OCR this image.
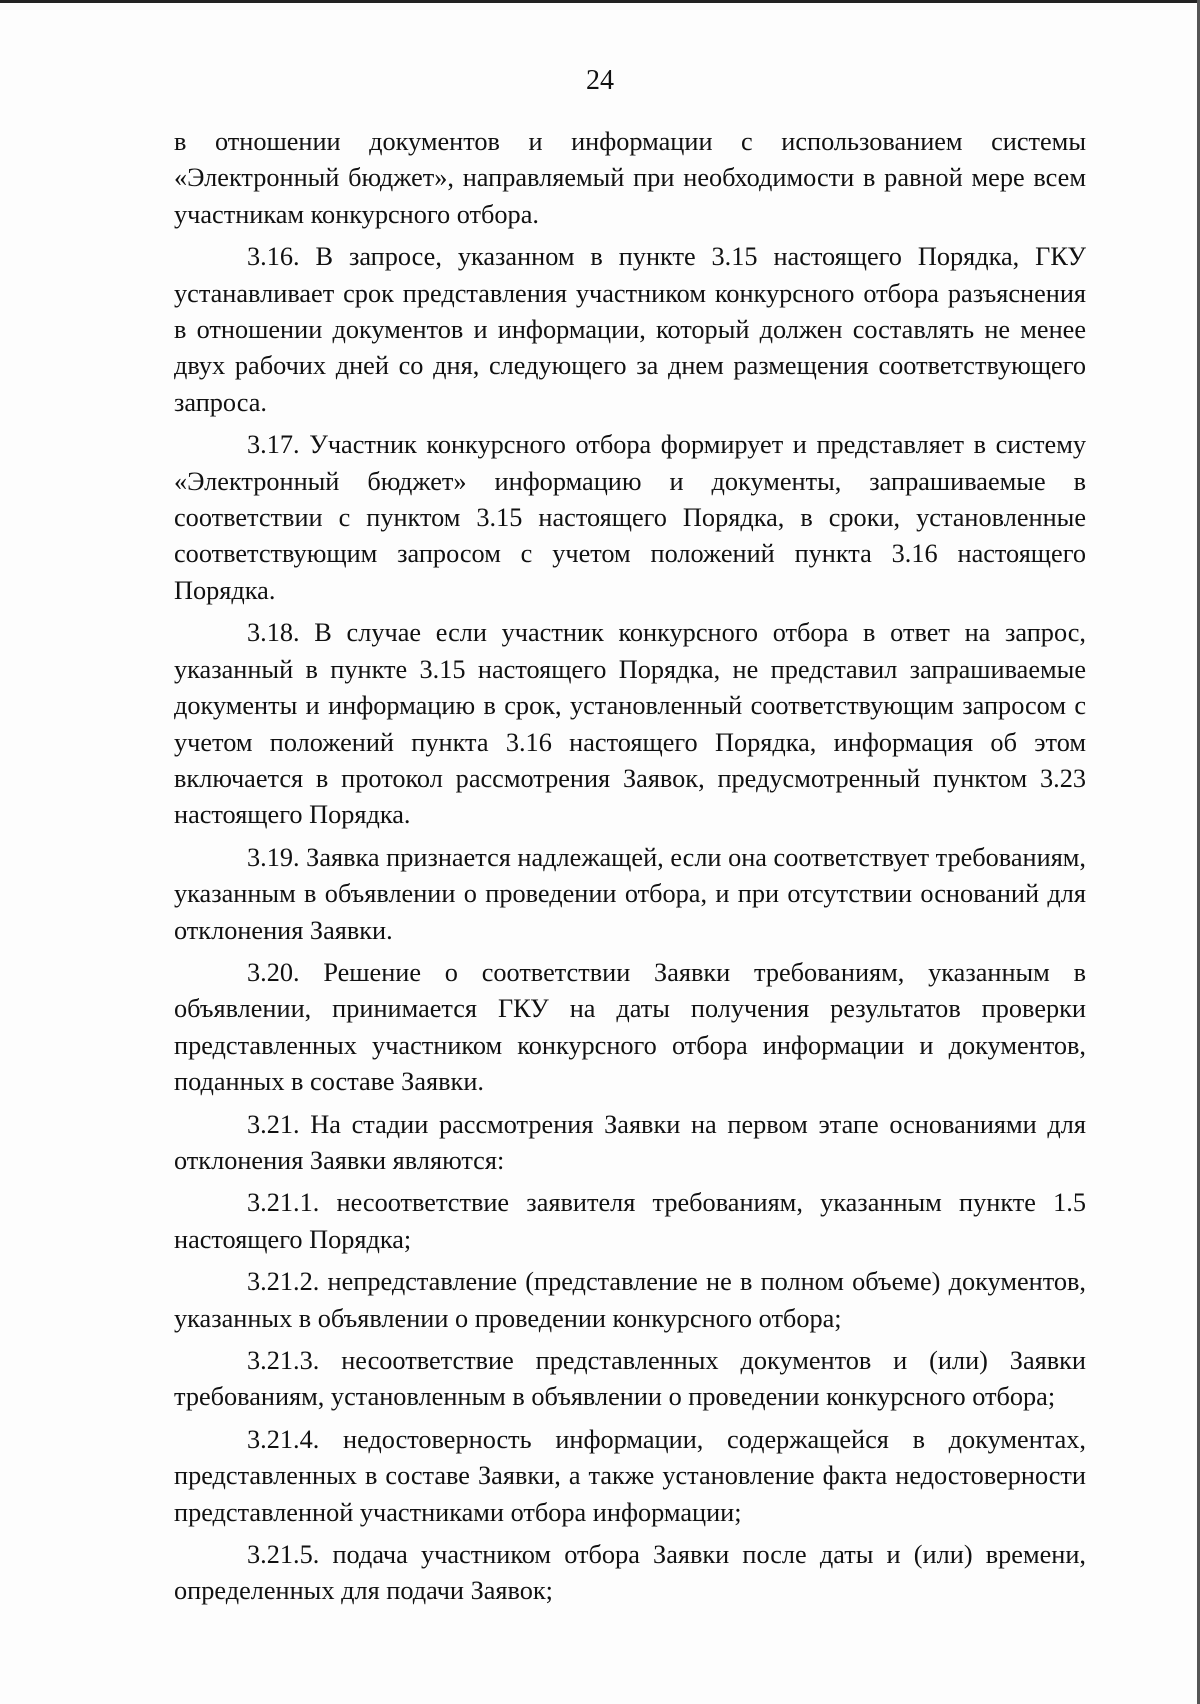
24

в отношении документов и информации с использованием системы «Электронный бюджет», направляемый при необходимости в равной мере всем участникам конкурсного отбора.

3.16. В запросе, указанном в пункте 3.15 настоящего Порядка, ГКУ устанавливает срок представления участником конкурсного отбора разъяснения в отношении документов и информации, который должен составлять не менее двух рабочих дней со дня, следующего за днем размещения соответствующего запроса.

3.17. Участник конкурсного отбора формирует и представляет в систему «Электронный бюджет» информацию и документы, запрашиваемые в соответствии с пунктом 3.15 настоящего Порядка, в сроки, установленные соответствующим запросом с учетом положений пункта 3.16 настоящего Порядка.

3.18. В случае если участник конкурсного отбора в ответ на запрос, указанный в пункте 3.15 настоящего Порядка, не представил запрашиваемые документы и информацию в срок, установленный соответствующим запросом с учетом положений пункта 3.16 настоящего Порядка, информация об этом включается в протокол рассмотрения Заявок, предусмотренный пунктом 3.23 настоящего Порядка.

3.19. Заявка признается надлежащей, если она соответствует требованиям, указанным в объявлении о проведении отбора, и при отсутствии оснований для отклонения Заявки.

3.20. Решение о соответствии Заявки требованиям, указанным в объявлении, принимается ГКУ на даты получения результатов проверки представленных участником конкурсного отбора информации и документов, поданных в составе Заявки.

3.21. На стадии рассмотрения Заявки на первом этапе основаниями для отклонения Заявки являются:

3.21.1. несоответствие заявителя требованиям, указанным пункте 1.5 настоящего Порядка;

3.21.2. непредставление (представление не в полном объеме) документов, указанных в объявлении о проведении конкурсного отбора;

3.21.3. несоответствие представленных документов и (или) Заявки требованиям, установленным в объявлении о проведении конкурсного отбора;

3.21.4. недостоверность информации, содержащейся в документах, представленных в составе Заявки, а также установление факта недостоверности представленной участниками отбора информации;

3.21.5. подача участником отбора Заявки после даты и (или) времени, определенных для подачи Заявок;
